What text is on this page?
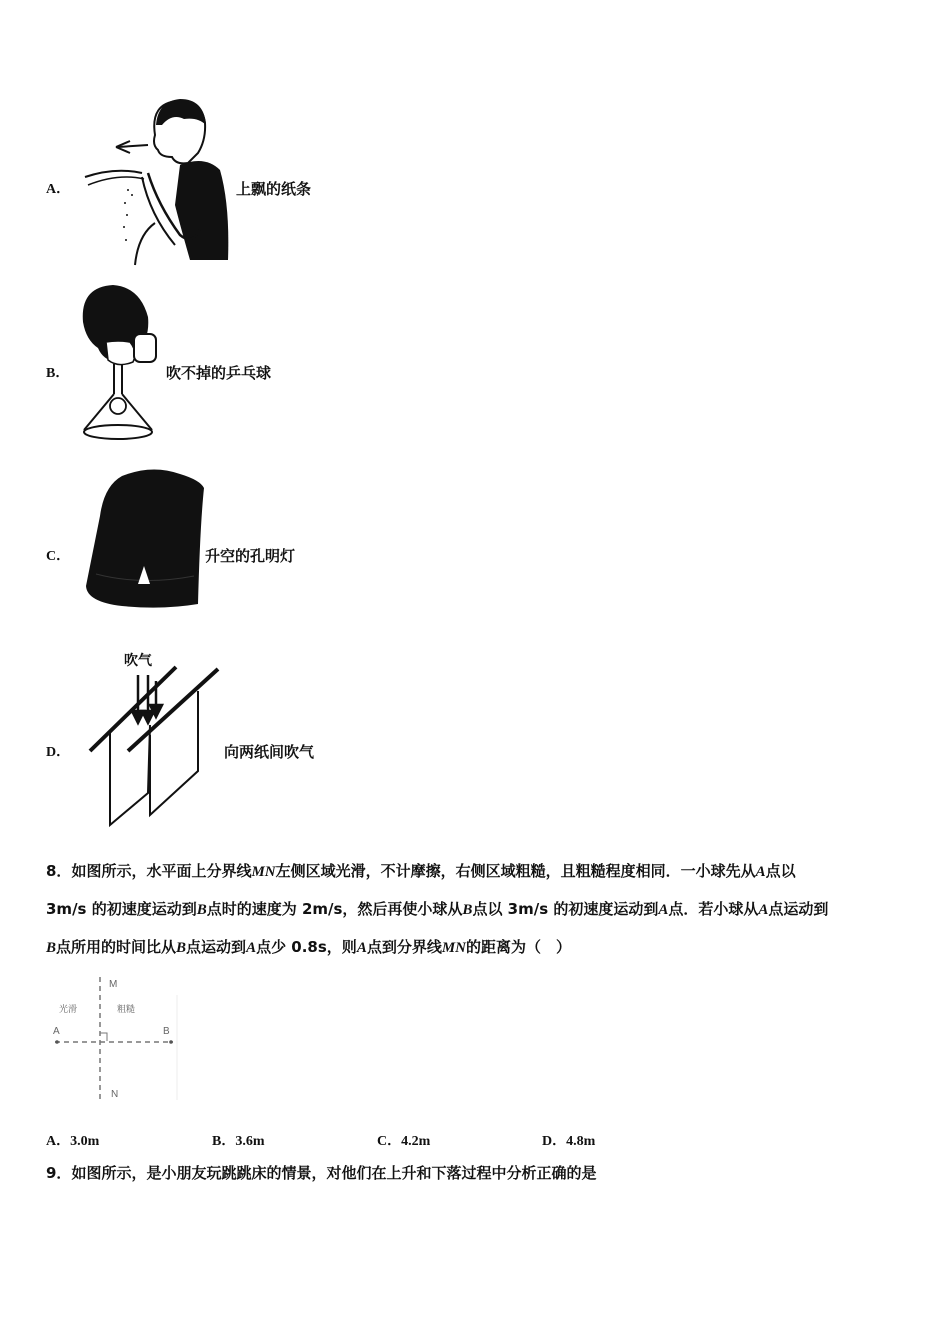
A．	上飘的纸条
B．	吹不掉的乒乓球
C．	升空的孔明灯
D．
吹气
向两纸间吹气
8．如图所示，水平面上分界线MN左侧区域光滑，不计摩擦，右侧区域粗糙，且粗糙程度相同．一小球先从A点以
3m/s 的初速度运动到B点时的速度为 2m/s，然后再使小球从B点以 3m/s 的初速度运动到A点．若小球从A点运动到
B点所用的时间比从B点运动到A点少 0.8s，则A点到分界线MN的距离为（　）
M
光滑	粗糙
A	B
N
A．3.0m	B．3.6m	C．4.2m	D．4.8m
9．如图所示，是小朋友玩跳跳床的情景，对他们在上升和下落过程中分析正确的是
